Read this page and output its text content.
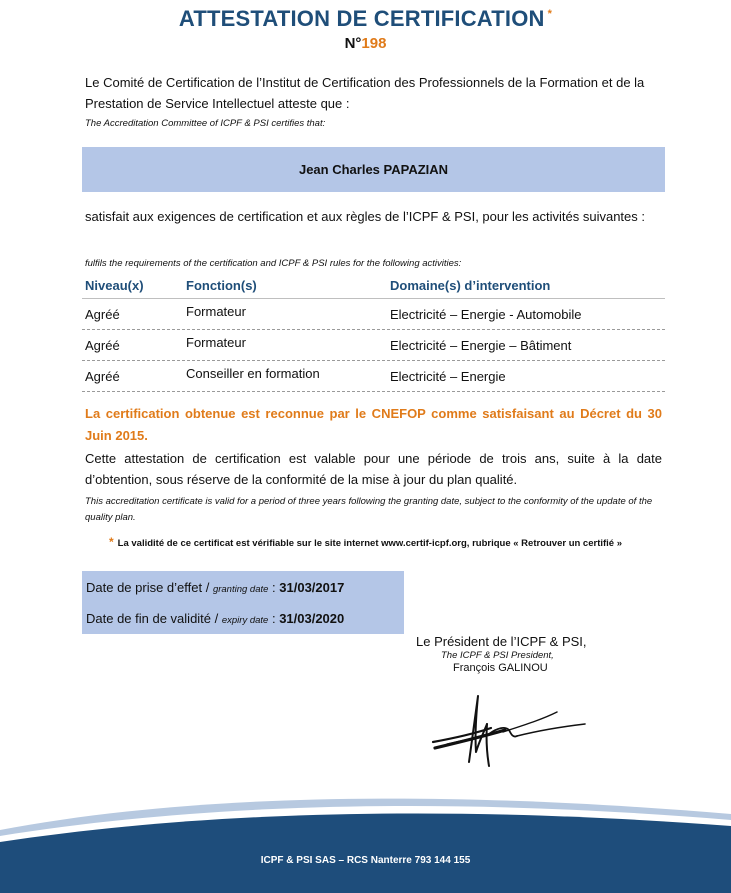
ATTESTATION DE CERTIFICATION *
N°198
Le Comité de Certification de l’Institut de Certification des Professionnels de la Formation et de la Prestation de Service Intellectuel atteste que :
The Accreditation Committee of ICPF & PSI certifies that:
Jean Charles PAPAZIAN
satisfait aux exigences de certification et aux règles de l’ICPF & PSI, pour les activités suivantes :
fulfils the requirements of the certification and ICPF & PSI rules for the following activities:
Niveau(x)	Fonction(s)	Domaine(s) d’intervention
Agréé	Formateur	Electricité – Energie - Automobile
Agréé	Formateur	Electricité – Energie – Bâtiment
Agréé	Conseiller en formation	Electricité – Energie
La certification obtenue est reconnue par le CNEFOP comme satisfaisant au Décret du 30 Juin 2015.
Cette attestation de certification est valable pour une période de trois ans, suite à la date d’obtention, sous réserve de la conformité de la mise à jour du plan qualité.
This accreditation certificate is valid for a period of three years following the granting date, subject to the conformity of the update of the quality plan.
* La validité de ce certificat est vérifiable sur le site internet www.certif-icpf.org, rubrique « Retrouver un certifié »
Date de prise d’effet / granting date : 31/03/2017
Date de fin de validité / expiry date : 31/03/2020
Le Président de l’ICPF & PSI,
The ICPF & PSI President,
François GALINOU
ICPF & PSI SAS – RCS Nanterre 793 144 155
